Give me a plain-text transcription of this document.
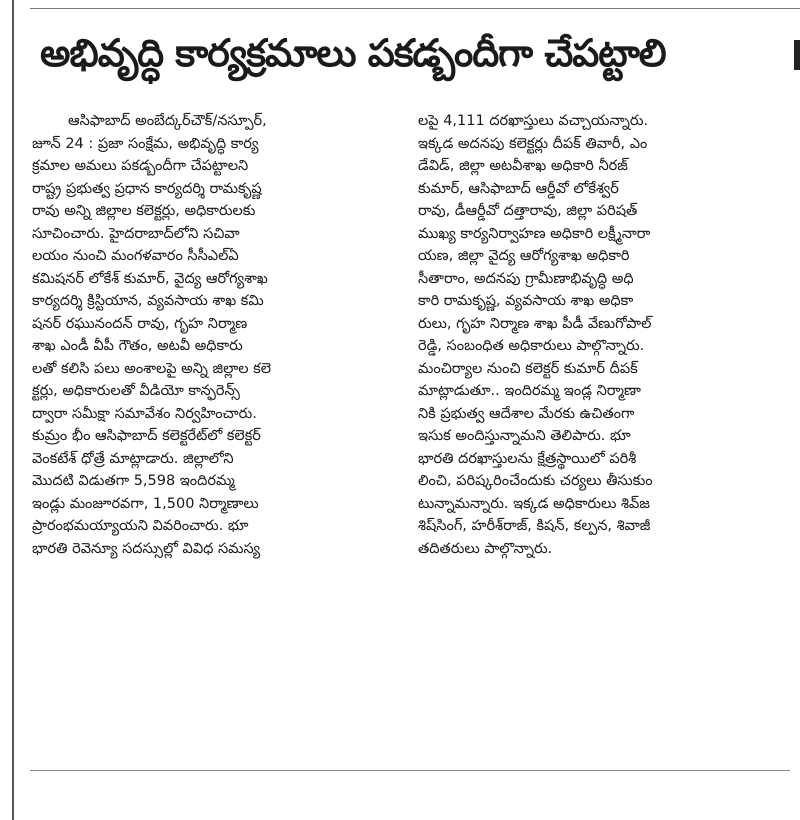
అభివృద్ధి కార్యక్రమాలు పకడ్బందీగా చేపట్టాలి
ఆసిఫాబాద్ అంబేద్కర్‌చౌక్/నస్పూర్,
జూన్ 24 : ప్రజా సంక్షేమ, అభివృద్ధి కార్య
క్రమాల అమలు పకడ్బందీగా చేపట్టాలని
రాష్ట్ర ప్రభుత్వ ప్రధాన కార్యదర్శి రామకృష్ణ
రావు అన్ని జిల్లాల కలెక్టర్లు, అధికారులకు
సూచించారు. హైదరాబాద్‌లోని సచివా
లయం నుంచి మంగళవారం సీసీఎల్ఏ
కమిషనర్ లోకేశ్ కుమార్, వైద్య ఆరోగ్యశాఖ
కార్యదర్శి క్రిస్టియాన, వ్యవసాయ శాఖ కమి
షనర్ రఘునందన్ రావు, గృహ నిర్మాణ
శాఖ ఎండీ వీపీ గౌతం, అటవీ అధికారు
లతో కలిసి పలు అంశాలపై అన్ని జిల్లాల కలె
క్టర్లు, అధికారులతో వీడియో కాన్ఫరెన్స్
ద్వారా సమీక్షా సమావేశం నిర్వహించారు.
కుమ్రం భీం ఆసిఫాబాద్ కలెక్టరేట్‌లో కలెక్టర్
వెంకటేశ్ ధోత్రే మాట్లాడారు. జిల్లాలోని
మొదటి విడుతగా 5,598 ఇందిరమ్మ
ఇండ్లు మంజూరవగా, 1,500 నిర్మాణాలు
ప్రారంభమయ్యాయని వివరించారు. భూ
భారతి రెవెన్యూ సదస్సుల్లో వివిధ సమస్య
లపై 4,111 దరఖాస్తులు వచ్చాయన్నారు.
ఇక్కడ అదనపు కలెక్టర్లు దీపక్ తివారీ, ఎం
డేవిడ్, జిల్లా అటవీశాఖ అధికారి నీరజ్
కుమార్, ఆసిఫాబాద్ ఆర్డీవో లోకేశ్వర్
రావు, డీఆర్డీవో దత్తారావు, జిల్లా పరిషత్
ముఖ్య కార్యనిర్వాహణ అధికారి లక్ష్మీనారా
యణ, జిల్లా వైద్య ఆరోగ్యశాఖ అధికారి
సీతారాం, అదనపు గ్రామీణాభివృద్ధి అధి
కారి రామకృష్ణ, వ్యవసాయ శాఖ అధికా
రులు, గృహ నిర్మాణ శాఖ పీడీ వేణుగోపాల్
రెడ్డి, సంబంధిత అధికారులు పాల్గొన్నారు.
మంచిర్యాల నుంచి కలెక్టర్ కుమార్ దీపక్
మాట్లాడుతూ.. ఇందిరమ్మ ఇండ్ల నిర్మాణా
నికి ప్రభుత్వ ఆదేశాల మేరకు ఉచితంగా
ఇసుక అందిస్తున్నామని తెలిపారు. భూ
భారతి దరఖాస్తులను క్షేత్రస్థాయిలో పరిశీ
లించి, పరిష్కరించేందుకు చర్యలు తీసుకుం
టున్నామన్నారు. ఇక్కడ అధికారులు శివ్‌జ
శిష్‌సింగ్, హరీశ్‌రాజ్, కిషన్, కల్పన, శివాజీ
తదితరులు పాల్గొన్నారు.
